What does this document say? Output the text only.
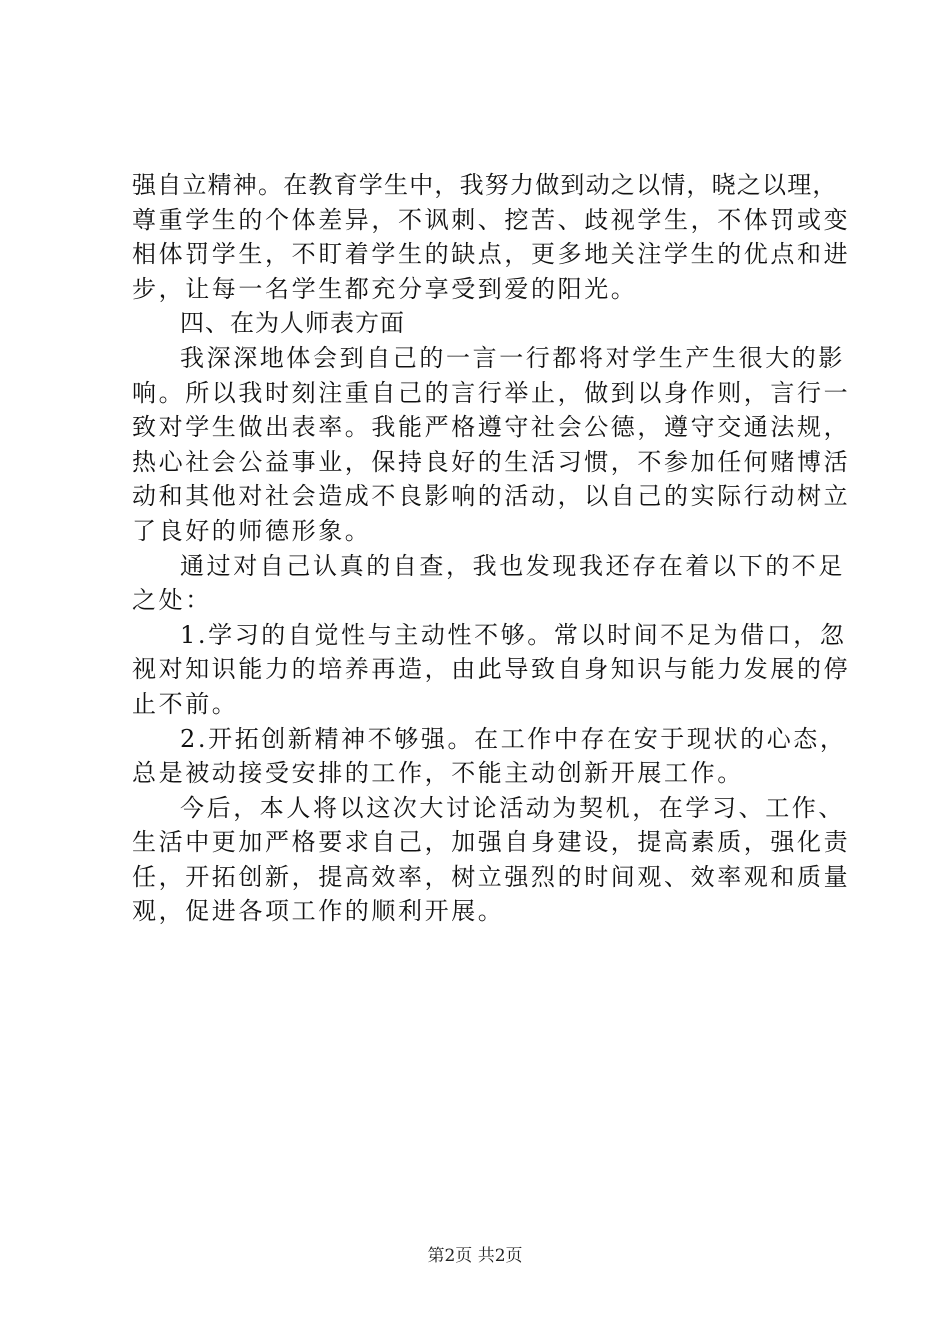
强自立精神。在教育学生中，我努力做到动之以情，晓之以理，
尊重学生的个体差异，不讽刺、挖苦、歧视学生，不体罚或变
相体罚学生，不盯着学生的缺点，更多地关注学生的优点和进
步，让每一名学生都充分享受到爱的阳光。
四、在为人师表方面
我深深地体会到自己的一言一行都将对学生产生很大的影
响。所以我时刻注重自己的言行举止，做到以身作则，言行一
致对学生做出表率。我能严格遵守社会公德，遵守交通法规，
热心社会公益事业，保持良好的生活习惯，不参加任何赌博活
动和其他对社会造成不良影响的活动，以自己的实际行动树立
了良好的师德形象。
通过对自己认真的自查，我也发现我还存在着以下的不足
之处：
1.学习的自觉性与主动性不够。常以时间不足为借口，忽
视对知识能力的培养再造，由此导致自身知识与能力发展的停
止不前。
2.开拓创新精神不够强。在工作中存在安于现状的心态，
总是被动接受安排的工作，不能主动创新开展工作。
今后，本人将以这次大讨论活动为契机，在学习、工作、
生活中更加严格要求自己，加强自身建设，提高素质，强化责
任，开拓创新，提高效率，树立强烈的时间观、效率观和质量
观，促进各项工作的顺利开展。
第2页 共2页
